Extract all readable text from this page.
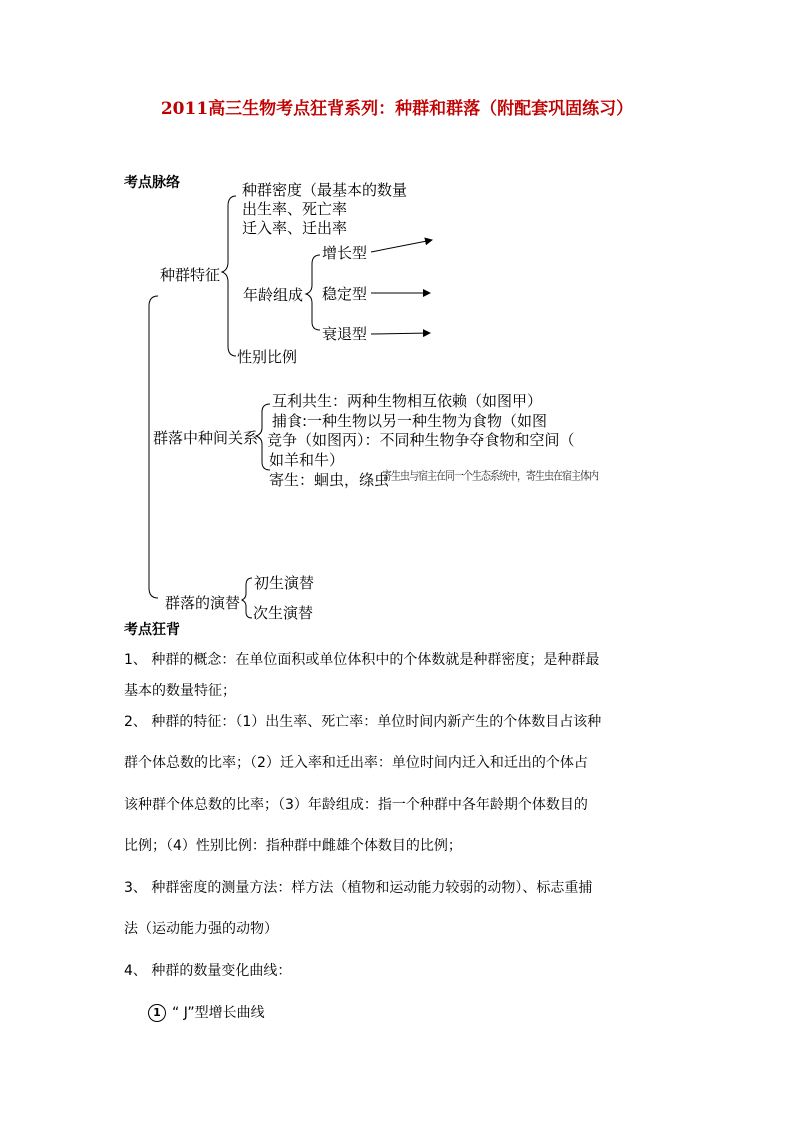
2011高三生物考点狂背系列：种群和群落（附配套巩固练习）
考点脉络
种群特征
种群密度（最基本的数量
出生率、死亡率
迁入率、迁出率
年龄组成
增长型
稳定型
衰退型
性别比例
群落中种间关系
互利共生：两种生物相互依赖（如图甲）
捕食:一种生物以另一种生物为食物（如图
竞争（如图丙）：不同种生物争夺食物和空间（
如羊和牛）
寄生：蛔虫，绦虫
寄生虫与宿主在同一个生态系统中，寄生虫在宿主体内
群落的演替
初生演替
次生演替
考点狂背
1、 种群的概念：在单位面积或单位体积中的个体数就是种群密度；是种群最
基本的数量特征；
2、 种群的特征：（1）出生率、死亡率：单位时间内新产生的个体数目占该种
群个体总数的比率；（2）迁入率和迁出率：单位时间内迁入和迁出的个体占
该种群个体总数的比率；（3）年龄组成：指一个种群中各年龄期个体数目的
比例；（4）性别比例：指种群中雌雄个体数目的比例；
3、 种群密度的测量方法：样方法（植物和运动能力较弱的动物）、标志重捕
法（运动能力强的动物）
4、 种群的数量变化曲线：
1 “ J”型增长曲线
